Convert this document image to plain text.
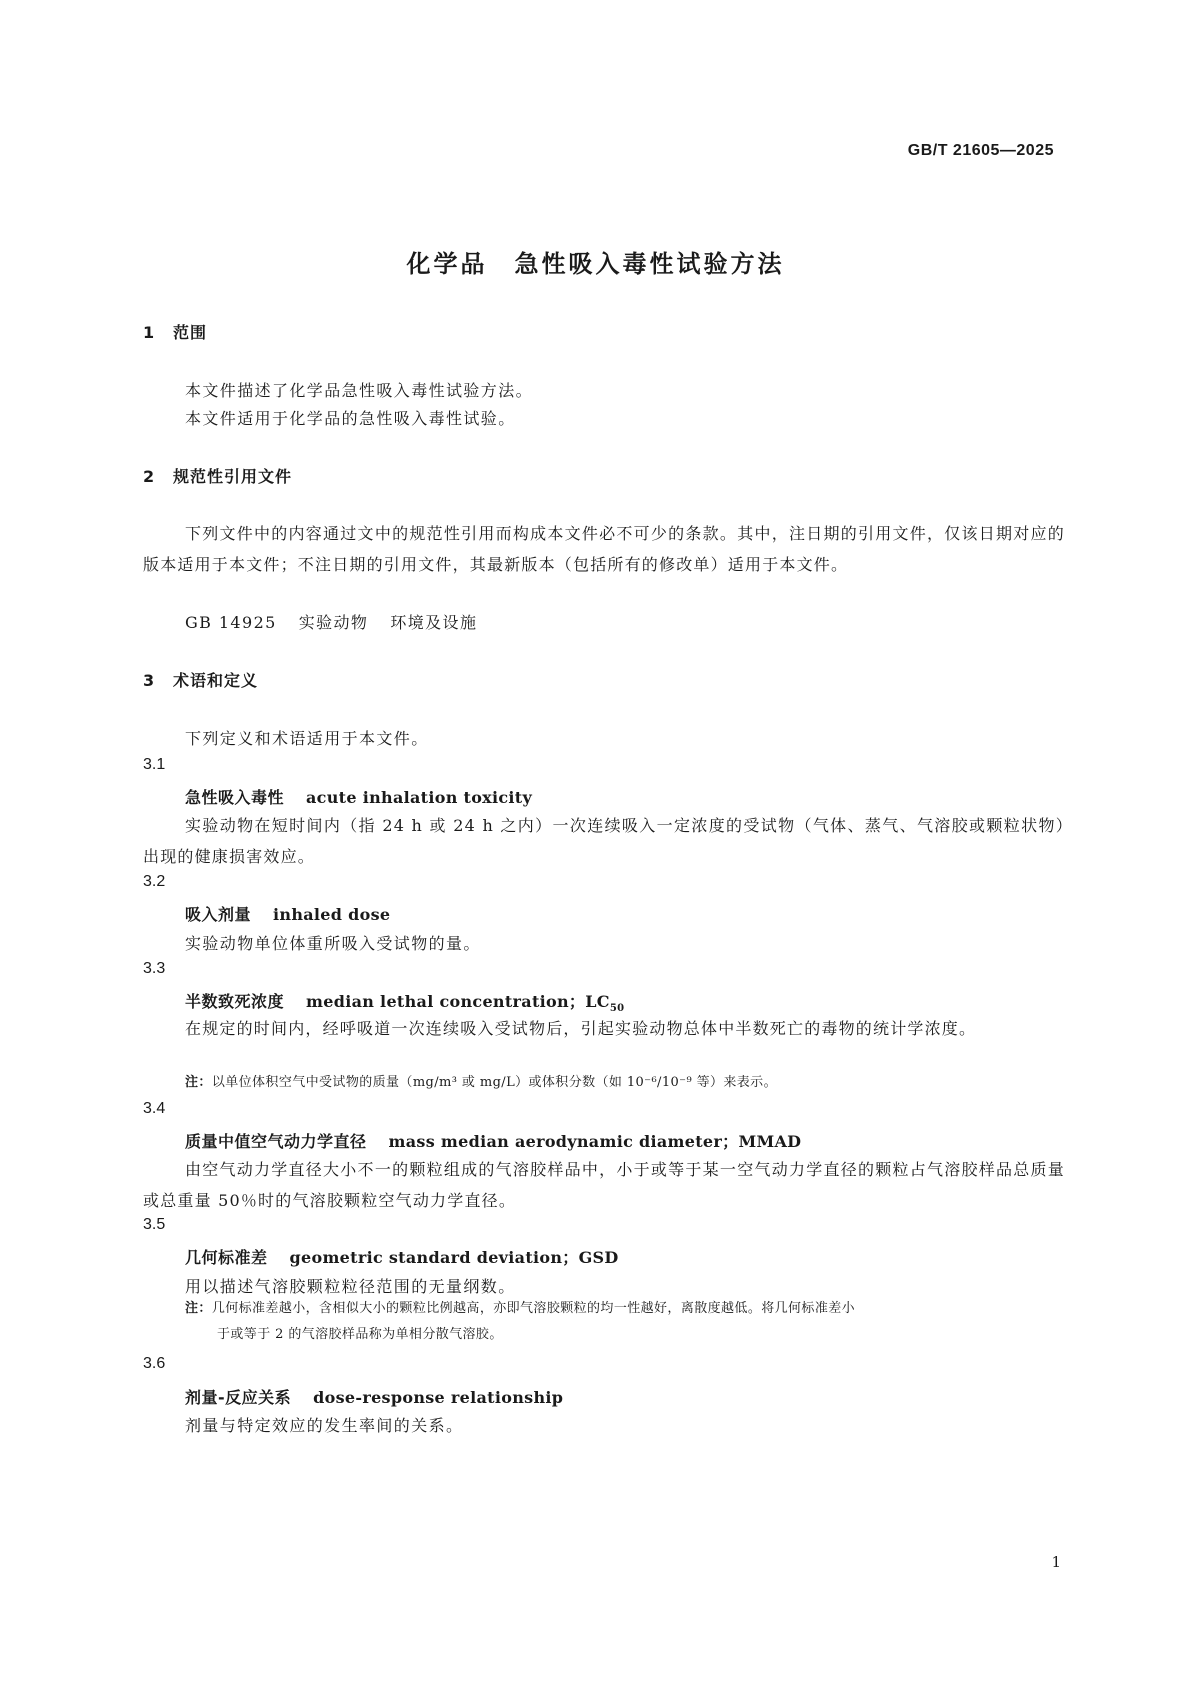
GB/T 21605—2025
化学品　急性吸入毒性试验方法
1 范围
本文件描述了化学品急性吸入毒性试验方法。
本文件适用于化学品的急性吸入毒性试验。
2 规范性引用文件
下列文件中的内容通过文中的规范性引用而构成本文件必不可少的条款。其中，注日期的引用文件，仅该日期对应的版本适用于本文件；不注日期的引用文件，其最新版本（包括所有的修改单）适用于本文件。
GB 14925 实验动物 环境及设施
3 术语和定义
下列定义和术语适用于本文件。
3.1
急性吸入毒性 acute inhalation toxicity
实验动物在短时间内（指 24 h 或 24 h 之内）一次连续吸入一定浓度的受试物（气体、蒸气、气溶胶或颗粒状物）出现的健康损害效应。
3.2
吸入剂量 inhaled dose
实验动物单位体重所吸入受试物的量。
3.3
半数致死浓度 median lethal concentration；$LC_{50}$
在规定的时间内，经呼吸道一次连续吸入受试物后，引起实验动物总体中半数死亡的毒物的统计学浓度。
注：以单位体积空气中受试物的质量（mg/m³ 或 mg/L）或体积分数（如 10⁻⁶/10⁻⁹ 等）来表示。
3.4
质量中值空气动力学直径 mass median aerodynamic diameter；MMAD
由空气动力学直径大小不一的颗粒组成的气溶胶样品中，小于或等于某一空气动力学直径的颗粒占气溶胶样品总质量或总重量 50％时的气溶胶颗粒空气动力学直径。
3.5
几何标准差 geometric standard deviation；GSD
用以描述气溶胶颗粒粒径范围的无量纲数。
注：几何标准差越小，含相似大小的颗粒比例越高，亦即气溶胶颗粒的均一性越好，离散度越低。将几何标准差小
于或等于 2 的气溶胶样品称为单相分散气溶胶。
3.6
剂量-反应关系 dose-response relationship
剂量与特定效应的发生率间的关系。
1
